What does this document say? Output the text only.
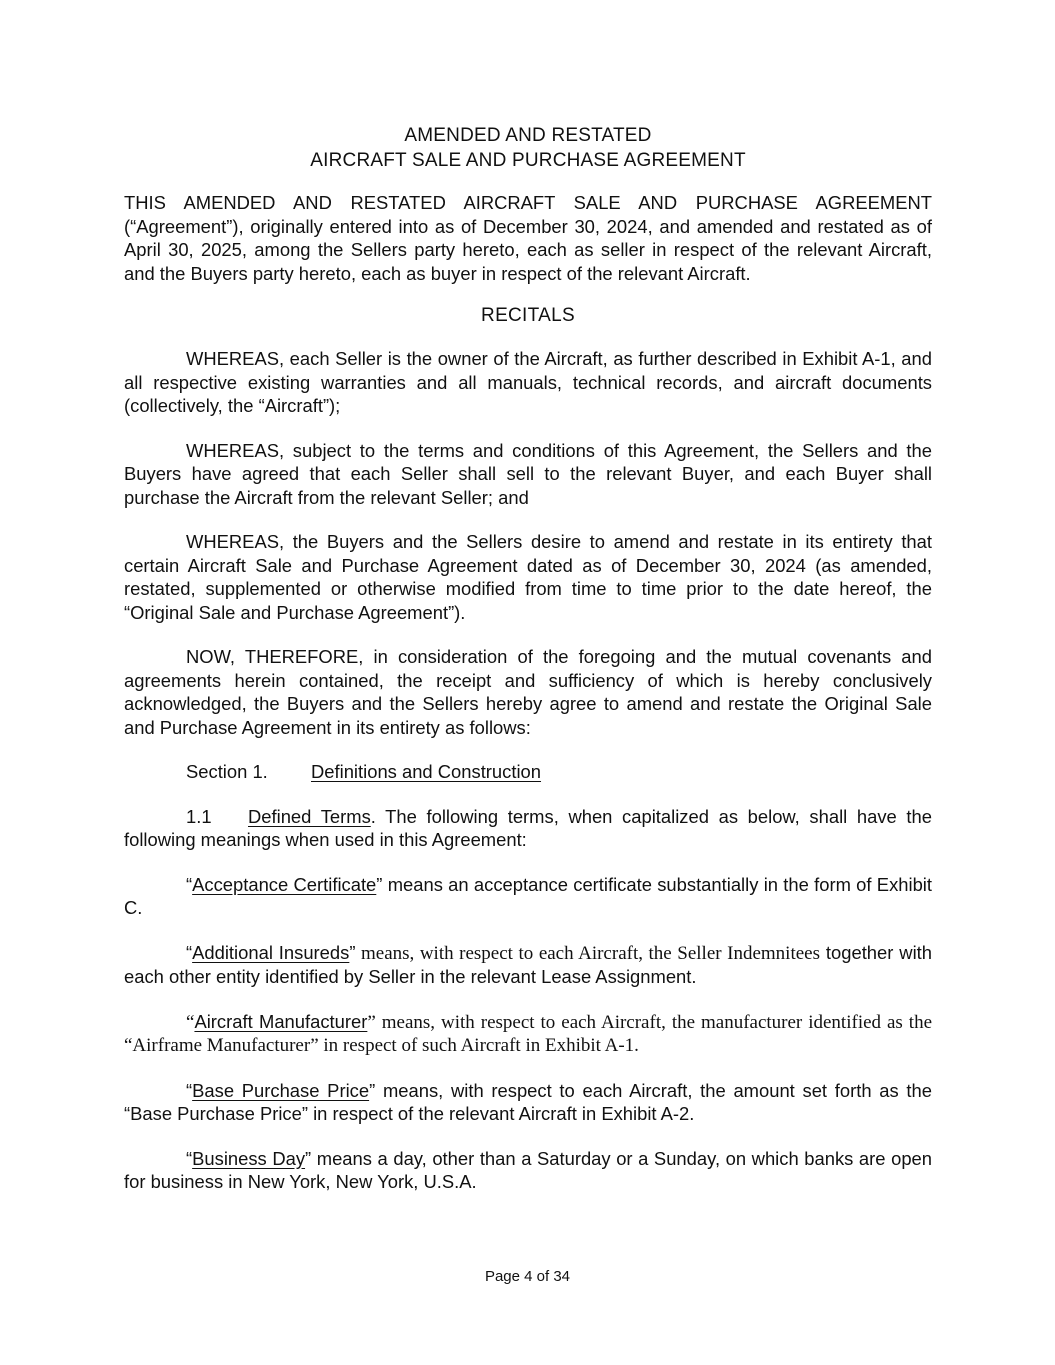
AMENDED AND RESTATED
AIRCRAFT SALE AND PURCHASE AGREEMENT

THIS AMENDED AND RESTATED AIRCRAFT SALE AND PURCHASE AGREEMENT (“Agreement”), originally entered into as of December 30, 2024, and amended and restated as of April 30, 2025, among the Sellers party hereto, each as seller in respect of the relevant Aircraft, and the Buyers party hereto, each as buyer in respect of the relevant Aircraft.

RECITALS

WHEREAS, each Seller is the owner of the Aircraft, as further described in Exhibit A-1, and all respective existing warranties and all manuals, technical records, and aircraft documents (collectively, the “Aircraft”);

WHEREAS, subject to the terms and conditions of this Agreement, the Sellers and the Buyers have agreed that each Seller shall sell to the relevant Buyer, and each Buyer shall purchase the Aircraft from the relevant Seller; and

WHEREAS, the Buyers and the Sellers desire to amend and restate in its entirety that certain Aircraft Sale and Purchase Agreement dated as of December 30, 2024 (as amended, restated, supplemented or otherwise modified from time to time prior to the date hereof, the “Original Sale and Purchase Agreement”).

NOW, THEREFORE, in consideration of the foregoing and the mutual covenants and agreements herein contained, the receipt and sufficiency of which is hereby conclusively acknowledged, the Buyers and the Sellers hereby agree to amend and restate the Original Sale and Purchase Agreement in its entirety as follows:

Section 1. Definitions and Construction

1.1 Defined Terms. The following terms, when capitalized as below, shall have the following meanings when used in this Agreement:

“Acceptance Certificate” means an acceptance certificate substantially in the form of Exhibit C.

“Additional Insureds” means, with respect to each Aircraft, the Seller Indemnitees together with each other entity identified by Seller in the relevant Lease Assignment.

“Aircraft Manufacturer” means, with respect to each Aircraft, the manufacturer identified as the “Airframe Manufacturer” in respect of such Aircraft in Exhibit A-1.

“Base Purchase Price” means, with respect to each Aircraft, the amount set forth as the “Base Purchase Price” in respect of the relevant Aircraft in Exhibit A-2.

“Business Day” means a day, other than a Saturday or a Sunday, on which banks are open for business in New York, New York, U.S.A.

Page 4 of 34
